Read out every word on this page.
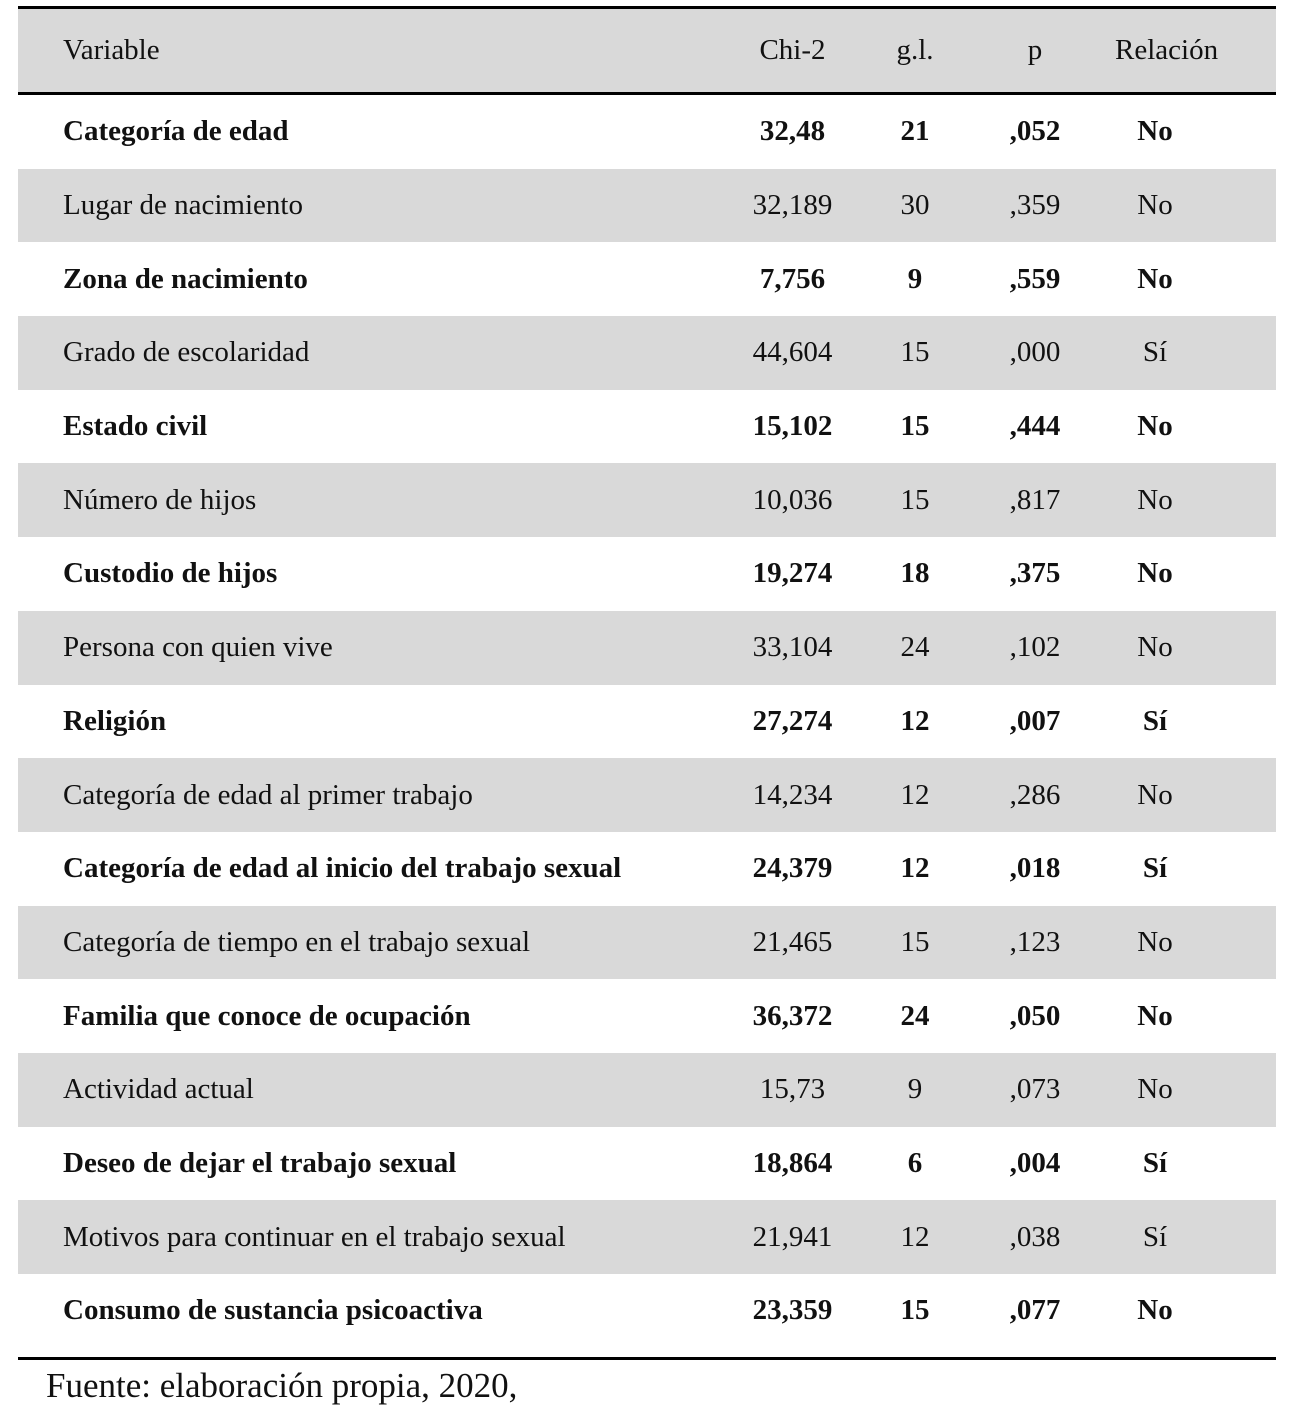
Variable	Chi-2	g.l.	p	Relación
Categoría de edad	32,48	21	,052	No
Lugar de nacimiento	32,189	30	,359	No
Zona de nacimiento	7,756	9	,559	No
Grado de escolaridad	44,604	15	,000	Sí
Estado civil	15,102	15	,444	No
Número de hijos	10,036	15	,817	No
Custodio de hijos	19,274	18	,375	No
Persona con quien vive	33,104	24	,102	No
Religión	27,274	12	,007	Sí
Categoría de edad al primer trabajo	14,234	12	,286	No
Categoría de edad al inicio del trabajo sexual	24,379	12	,018	Sí
Categoría de tiempo en el trabajo sexual	21,465	15	,123	No
Familia que conoce de ocupación	36,372	24	,050	No
Actividad actual	15,73	9	,073	No
Deseo de dejar el trabajo sexual	18,864	6	,004	Sí
Motivos para continuar en el trabajo sexual	21,941	12	,038	Sí
Consumo de sustancia psicoactiva	23,359	15	,077	No
Fuente: elaboración propia, 2020,
